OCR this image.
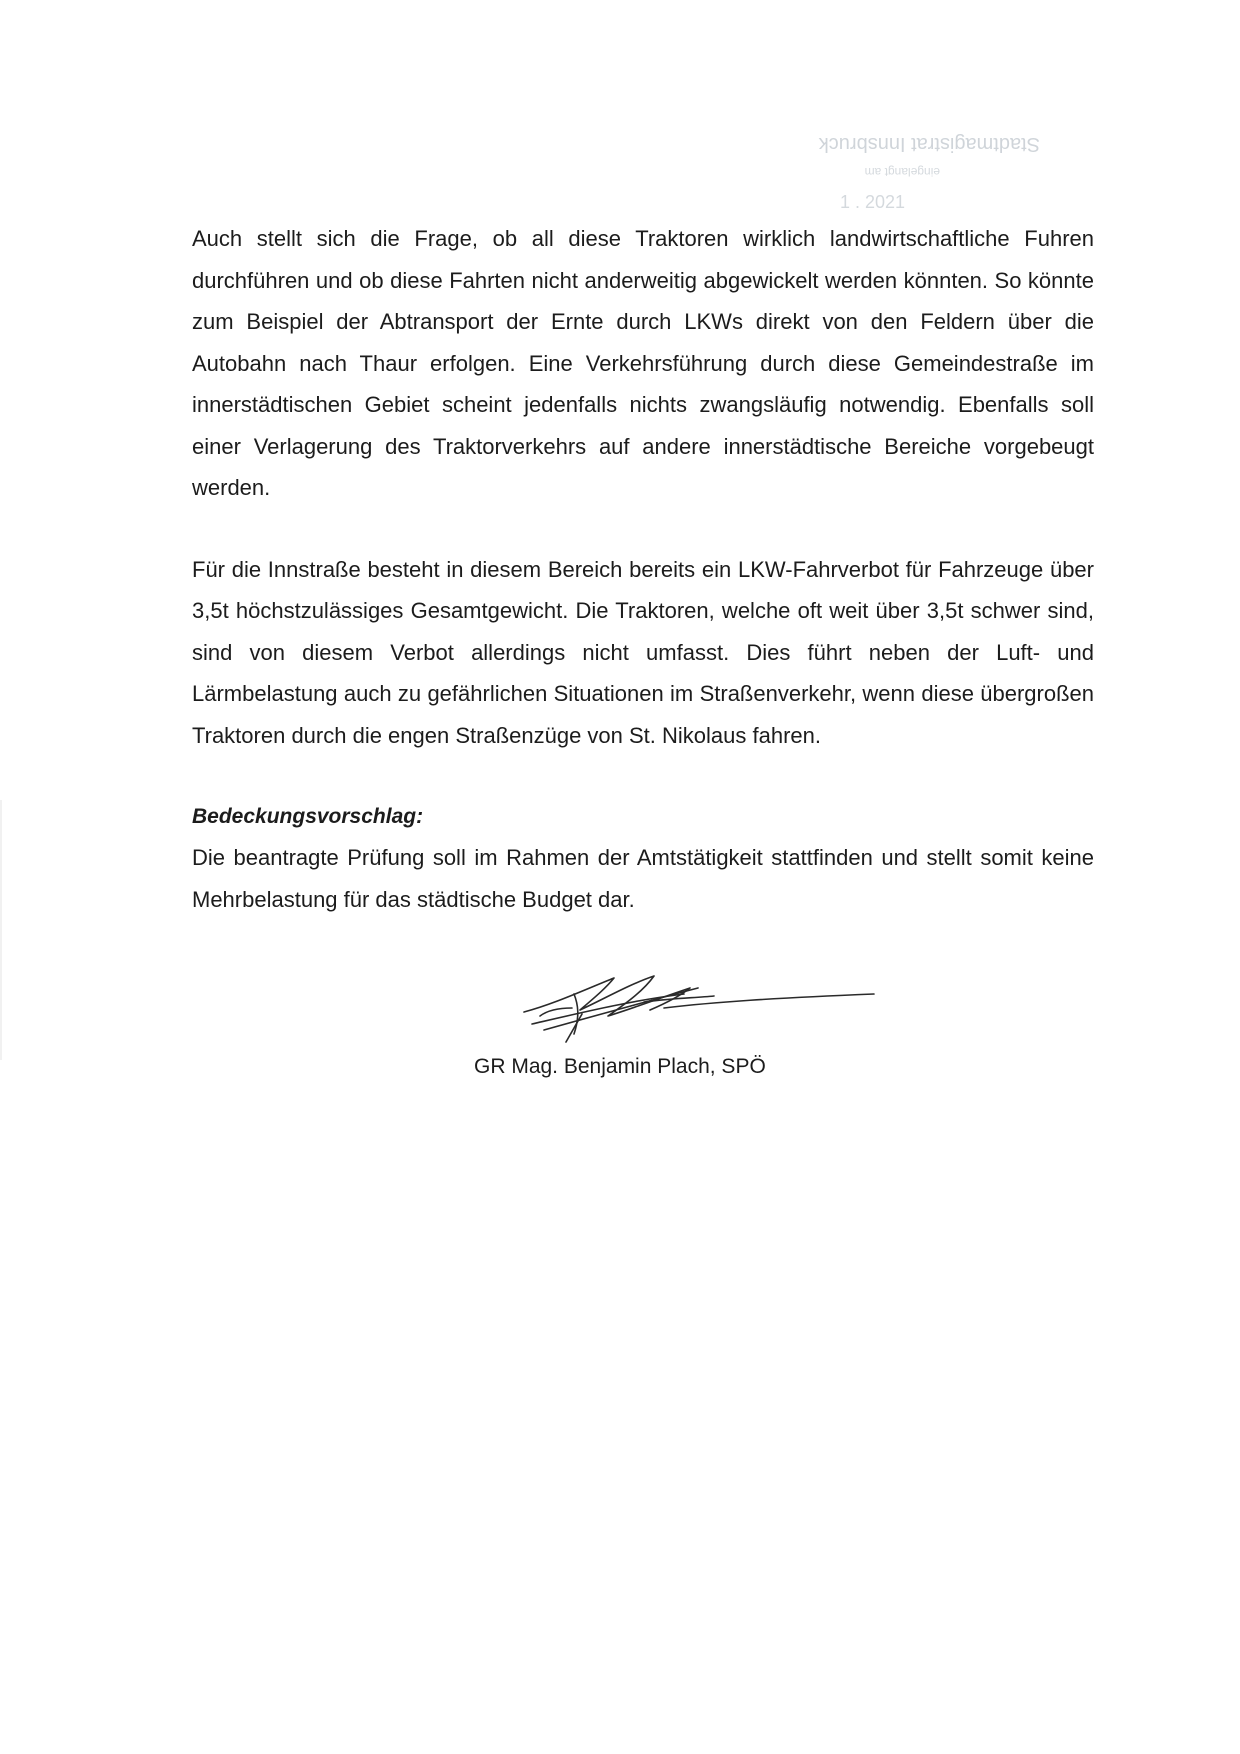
Stadtmagistrat Innsbruck
eingelangt am
1 . 2021

Auch stellt sich die Frage, ob all diese Traktoren wirklich landwirtschaftliche Fuhren durchführen und ob diese Fahrten nicht anderweitig abgewickelt werden könnten. So könnte zum Beispiel der Abtransport der Ernte durch LKWs direkt von den Feldern über die Autobahn nach Thaur erfolgen. Eine Verkehrsführung durch diese Gemeindestraße im innerstädtischen Gebiet scheint jedenfalls nichts zwangsläufig notwendig. Ebenfalls soll einer Verlagerung des Traktorverkehrs auf andere innerstädtische Bereiche vorgebeugt werden.

Für die Innstraße besteht in diesem Bereich bereits ein LKW-Fahrverbot für Fahrzeuge über 3,5t höchstzulässiges Gesamtgewicht. Die Traktoren, welche oft weit über 3,5t schwer sind, sind von diesem Verbot allerdings nicht umfasst. Dies führt neben der Luft- und Lärmbelastung auch zu gefährlichen Situationen im Straßenverkehr, wenn diese übergroßen Traktoren durch die engen Straßenzüge von St. Nikolaus fahren.

Bedeckungsvorschlag:

Die beantragte Prüfung soll im Rahmen der Amtstätigkeit stattfinden und stellt somit keine Mehrbelastung für das städtische Budget dar.

GR Mag. Benjamin Plach, SPÖ
